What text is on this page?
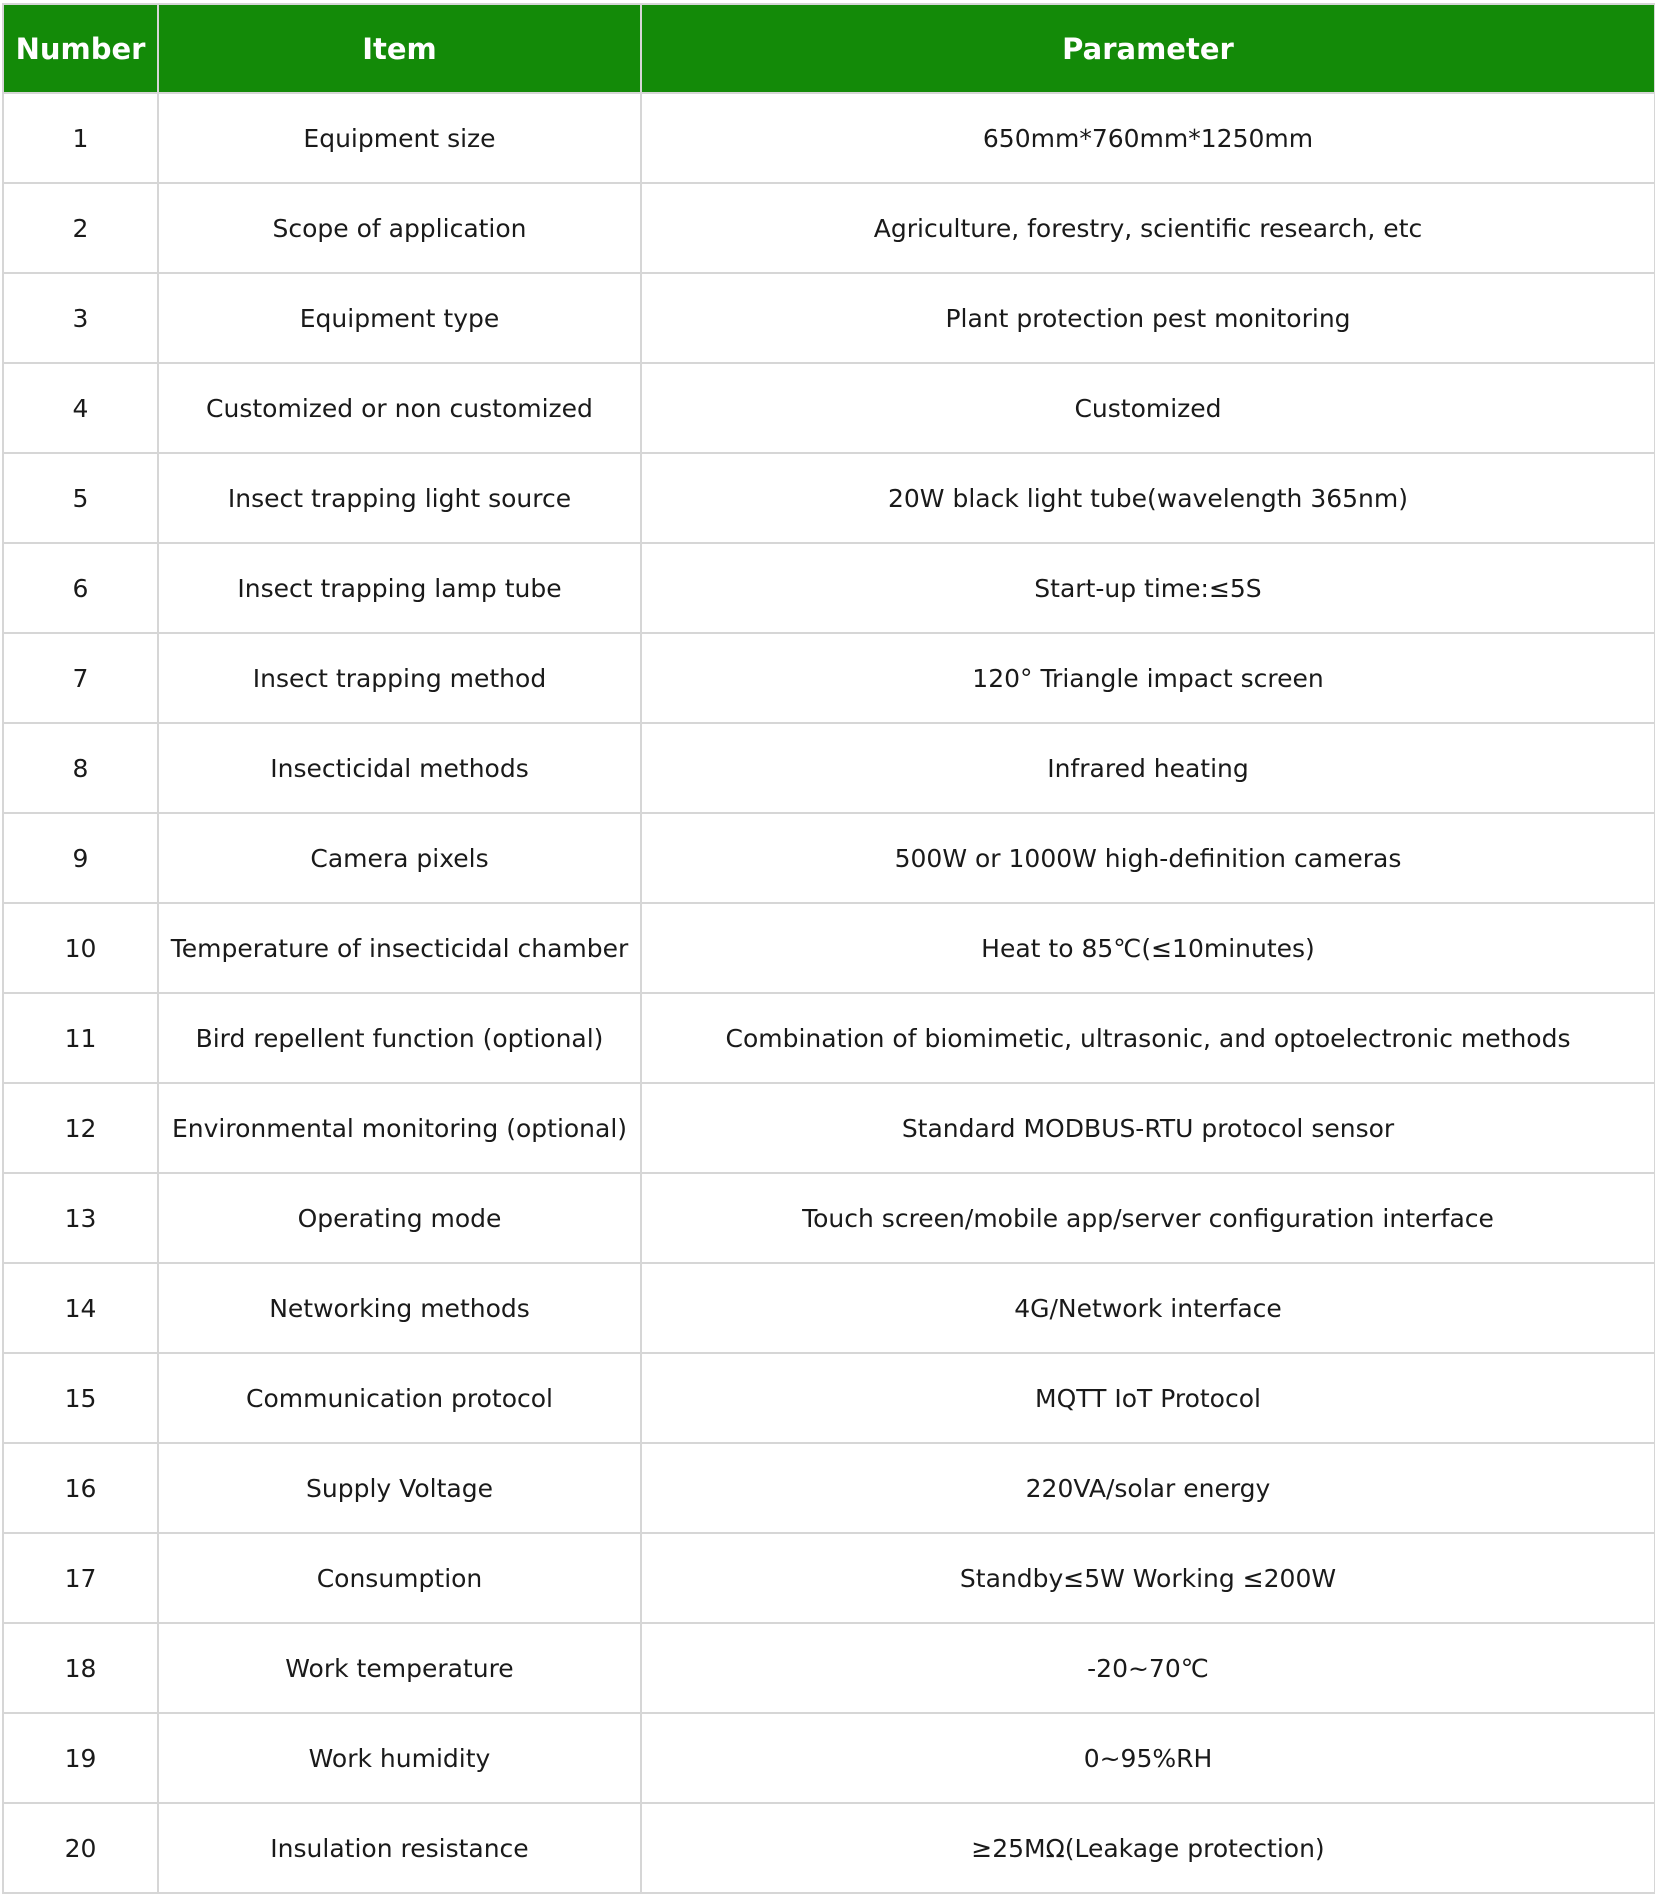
Number	Item	Parameter
1	Equipment size	650mm*760mm*1250mm
2	Scope of application	Agriculture, forestry, scientific research, etc
3	Equipment type	Plant protection pest monitoring
4	Customized or non customized	Customized
5	Insect trapping light source	20W black light tube(wavelength 365nm)
6	Insect trapping lamp tube	Start-up time:≤5S
7	Insect trapping method	120° Triangle impact screen
8	Insecticidal methods	Infrared heating
9	Camera pixels	500W or 1000W high-definition cameras
10	Temperature of insecticidal chamber	Heat to 85℃(≤10minutes)
11	Bird repellent function (optional)	Combination of biomimetic, ultrasonic, and optoelectronic methods
12	Environmental monitoring (optional)	Standard MODBUS-RTU protocol sensor
13	Operating mode	Touch screen/mobile app/server configuration interface
14	Networking methods	4G/Network interface
15	Communication protocol	MQTT IoT Protocol
16	Supply Voltage	220VA/solar energy
17	Consumption	Standby≤5W Working ≤200W
18	Work temperature	-20~70℃
19	Work humidity	0~95%RH
20	Insulation resistance	≥25MΩ(Leakage protection)
